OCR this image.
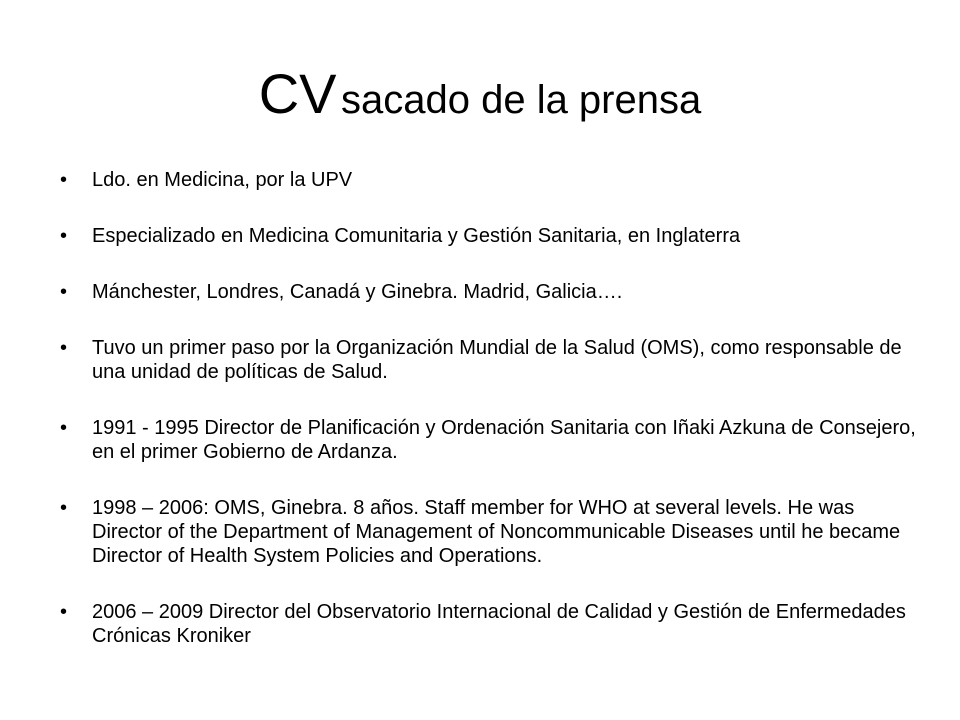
CV sacado de la prensa
• Ldo. en Medicina, por la UPV
• Especializado en Medicina Comunitaria y Gestión Sanitaria, en Inglaterra
• Mánchester, Londres, Canadá y Ginebra. Madrid, Galicia….
• Tuvo un primer paso por la Organización Mundial de la Salud (OMS), como responsable de una unidad de políticas de Salud.
• 1991 - 1995 Director de Planificación y Ordenación Sanitaria con Iñaki Azkuna de Consejero, en el primer Gobierno de Ardanza.
• 1998 – 2006: OMS, Ginebra. 8 años. Staff member for WHO at several levels. He was Director of the Department of Management of Noncommunicable Diseases until he became Director of Health System Policies and Operations.
• 2006 – 2009 Director del Observatorio Internacional de Calidad y Gestión de Enfermedades Crónicas Kroniker
